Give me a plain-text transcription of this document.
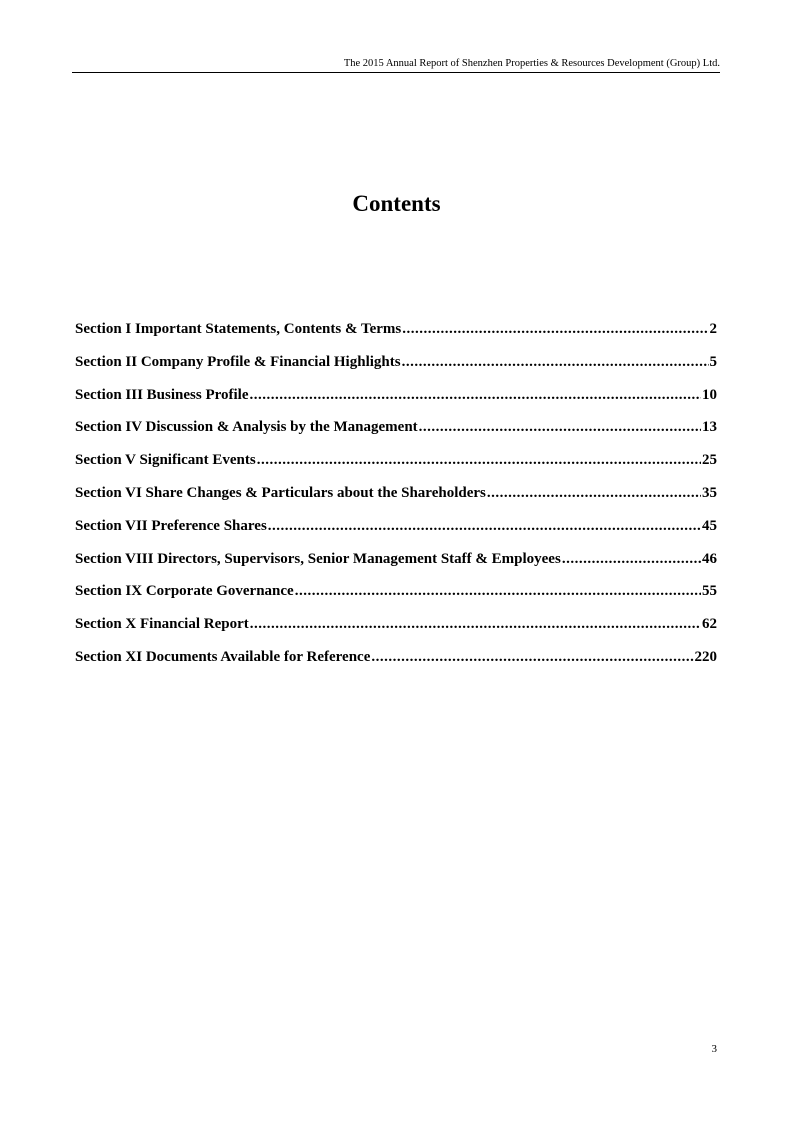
The 2015 Annual Report of Shenzhen Properties & Resources Development (Group) Ltd.
Contents
Section I Important Statements, Contents & Terms .....	2
Section II Company Profile & Financial Highlights .....	5
Section III Business Profile .....	10
Section IV Discussion & Analysis by the Management .....	13
Section V Significant Events .....	25
Section VI Share Changes & Particulars about the Shareholders .....	35
Section VII Preference Shares .....	45
Section VIII Directors, Supervisors, Senior Management Staff & Employees .....	46
Section IX Corporate Governance .....	55
Section X Financial Report .....	62
Section XI Documents Available for Reference .....	220
3
